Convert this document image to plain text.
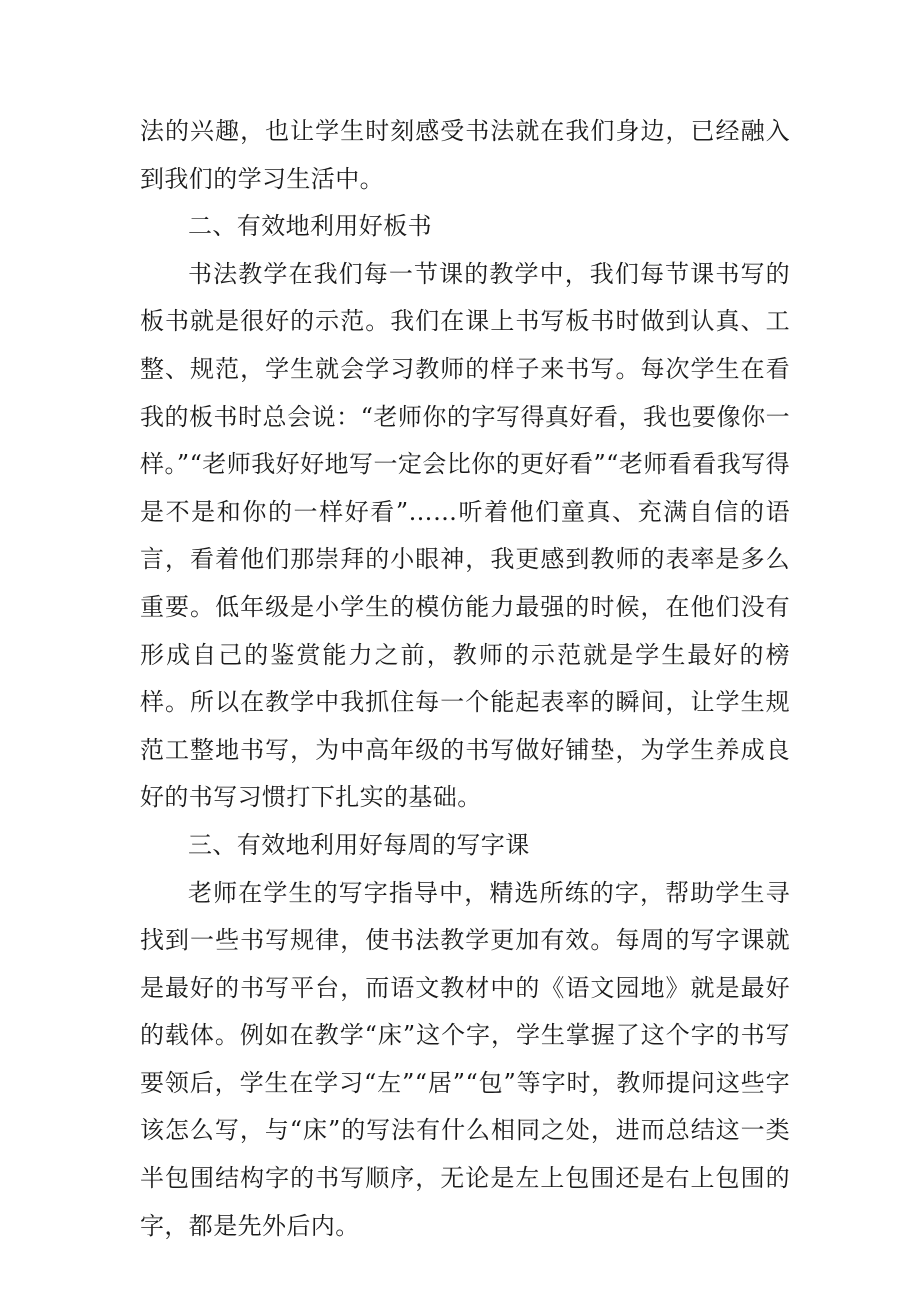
法的兴趣，也让学生时刻感受书法就在我们身边，已经融入到我们的学习生活中。

二、有效地利用好板书

书法教学在我们每一节课的教学中，我们每节课书写的板书就是很好的示范。我们在课上书写板书时做到认真、工整、规范，学生就会学习教师的样子来书写。每次学生在看我的板书时总会说：“老师你的字写得真好看，我也要像你一样。”“老师我好好地写一定会比你的更好看”“老师看看我写得是不是和你的一样好看”……听着他们童真、充满自信的语言，看着他们那崇拜的小眼神，我更感到教师的表率是多么重要。低年级是小学生的模仿能力最强的时候，在他们没有形成自己的鉴赏能力之前，教师的示范就是学生最好的榜样。所以在教学中我抓住每一个能起表率的瞬间，让学生规范工整地书写，为中高年级的书写做好铺垫，为学生养成良好的书写习惯打下扎实的基础。

三、有效地利用好每周的写字课

老师在学生的写字指导中，精选所练的字，帮助学生寻找到一些书写规律，使书法教学更加有效。每周的写字课就是最好的书写平台，而语文教材中的《语文园地》就是最好的载体。例如在教学“床”这个字，学生掌握了这个字的书写要领后，学生在学习“左”“居”“包”等字时，教师提问这些字该怎么写，与“床”的写法有什么相同之处，进而总结这一类半包围结构字的书写顺序，无论是左上包围还是右上包围的字，都是先外后内。
